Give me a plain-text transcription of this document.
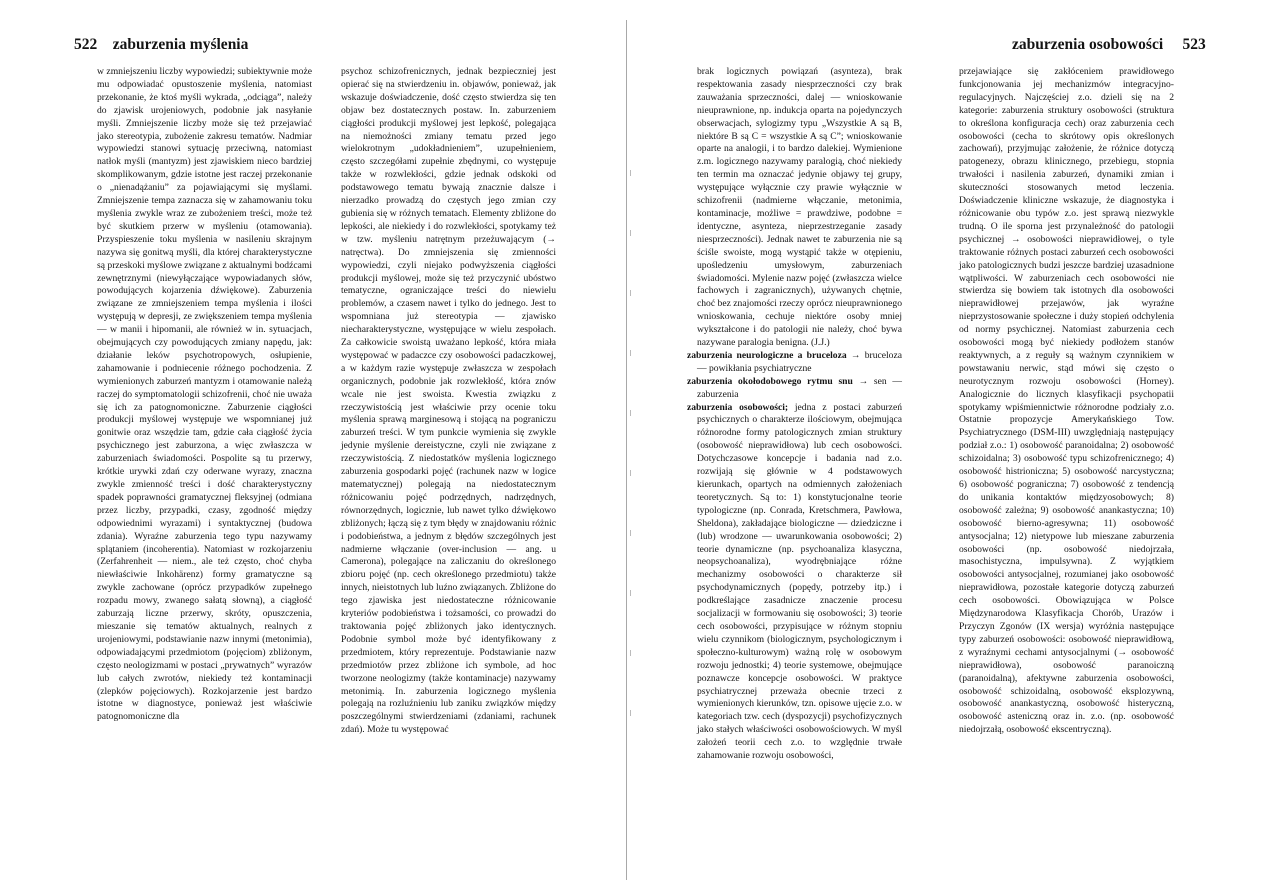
522 zaburzenia myślenia

w zmniejszeniu liczby wypowiedzi; subiektywnie może mu odpowiadać opustoszenie myślenia, natomiast przekonanie, że ktoś myśli wykrada, „odciąga”, należy do zjawisk urojeniowych, podobnie jak nasyłanie myśli. Zmniejszenie liczby może się też przejawiać jako stereotypia, zubożenie zakresu tematów. Nadmiar wypowiedzi stanowi sytuację przeciwną, natomiast natłok myśli (mantyzm) jest zjawiskiem nieco bardziej skomplikowanym, gdzie istotne jest raczej przekonanie o „nienadążaniu” za pojawiającymi się myślami. Zmniejszenie tempa zaznacza się w zahamowaniu toku myślenia zwykle wraz ze zubożeniem treści, może też być skutkiem przerw w myśleniu (otamowania). Przyspieszenie toku myślenia w nasileniu skrajnym nazywa się gonitwą myśli, dla której charakterystyczne są przeskoki myślowe związane z aktualnymi bodźcami zewnętrznymi (niewyłączające wypowiadanych słów, powodujących kojarzenia dźwiękowe). Zaburzenia związane ze zmniejszeniem tempa myślenia i ilości występują w depresji, ze zwiększeniem tempa myślenia — w manii i hipomanii, ale również w in. sytuacjach, obejmujących czy powodujących zmiany napędu, jak: działanie leków psychotropowych, osłupienie, zahamowanie i podniecenie różnego pochodzenia. Z wymienionych zaburzeń mantyzm i otamowanie należą raczej do symptomatologii schizofrenii, choć nie uważa się ich za patognomoniczne. Zaburzenie ciągłości produkcji myślowej występuje we wspomnianej już gonitwie oraz wszędzie tam, gdzie cała ciągłość życia psychicznego jest zaburzona, a więc zwłaszcza w zaburzeniach świadomości. Pospolite są tu przerwy, krótkie urywki zdań czy oderwane wyrazy, znaczna zwykle zmienność treści i dość charakterystyczny spadek poprawności gramatycznej fleksyjnej (odmiana przez liczby, przypadki, czasy, zgodność między odpowiednimi wyrazami) i syntaktycznej (budowa zdania). Wyraźne zaburzenia tego typu nazywamy splątaniem (incoherentia). Natomiast w rozkojarzeniu (Zerfahrenheit — niem., ale też często, choć chyba niewłaściwie Inkohärenz) formy gramatyczne są zwykle zachowane (oprócz przypadków zupełnego rozpadu mowy, zwanego sałatą słowną), a ciągłość zaburzają liczne przerwy, skróty, opuszczenia, mieszanie się tematów aktualnych, realnych z urojeniowymi, podstawianie nazw innymi (metonimia), odpowiadającymi przedmiotom (pojęciom) zbliżonym, często neologizmami w postaci „prywatnych” wyrazów lub całych zwrotów, niekiedy też kontaminacji (zlepków pojęciowych). Rozkojarzenie jest bardzo istotne w diagnostyce, ponieważ jest właściwie patognomoniczne dla

psychoz schizofrenicznych, jednak bezpieczniej jest opierać się na stwierdzeniu in. objawów, ponieważ, jak wskazuje doświadczenie, dość często stwierdza się ten objaw bez dostatecznych postaw. In. zaburzeniem ciągłości produkcji myślowej jest lepkość, polegająca na niemożności zmiany tematu przed jego wielokrotnym „udokładnieniem”, uzupełnieniem, często szczegółami zupełnie zbędnymi, co występuje także w rozwlekłości, gdzie jednak odskoki od podstawowego tematu bywają znacznie dalsze i nierzadko prowadzą do częstych jego zmian czy gubienia się w różnych tematach. Elementy zbliżone do lepkości, ale niekiedy i do rozwlekłości, spotykamy też w tzw. myśleniu natrętnym przeżuwającym (→ natręctwa). Do zmniejszenia się zmienności wypowiedzi, czyli niejako podwyższenia ciągłości produkcji myślowej, może się też przyczynić ubóstwo tematyczne, ograniczające treści do niewielu problemów, a czasem nawet i tylko do jednego. Jest to wspomniana już stereotypia — zjawisko niecharakterystyczne, występujące w wielu zespołach. Za całkowicie swoistą uważano lepkość, która miała występować w padaczce czy osobowości padaczkowej, a w każdym razie występuje zwłaszcza w zespołach organicznych, podobnie jak rozwlekłość, która znów wcale nie jest swoista. Kwestia związku z rzeczywistością jest właściwie przy ocenie toku myślenia sprawą marginesową i stojącą na pograniczu zaburzeń treści. W tym punkcie wymienia się zwykle jedynie myślenie dereistyczne, czyli nie związane z rzeczywistością. Z niedostatków myślenia logicznego zaburzenia gospodarki pojęć (rachunek nazw w logice matematycznej) polegają na niedostatecznym różnicowaniu pojęć podrzędnych, nadrzędnych, równorzędnych, logicznie, lub nawet tylko dźwiękowo zbliżonych; łączą się z tym błędy w znajdowaniu różnic i podobieństwa, a jednym z błędów szczególnych jest nadmierne włączanie (over-inclusion — ang. u Camerona), polegające na zaliczaniu do określonego zbioru pojęć (np. cech określonego przedmiotu) także innych, nieistotnych lub luźno związanych. Zbliżone do tego zjawiska jest niedostateczne różnicowanie kryteriów podobieństwa i tożsamości, co prowadzi do traktowania pojęć zbliżonych jako identycznych. Podobnie symbol może być identyfikowany z przedmiotem, który reprezentuje. Podstawianie nazw przedmiotów przez zbliżone ich symbole, ad hoc tworzone neologizmy (także kontaminacje) nazywamy metonimią. In. zaburzenia logicznego myślenia polegają na rozluźnieniu lub zaniku związków między poszczególnymi stwierdzeniami (zdaniami, rachunek zdań). Może tu występować

zaburzenia osobowości 523

brak logicznych powiązań (asynteza), brak respektowania zasady niesprzeczności czy brak zauważania sprzeczności, dalej — wnioskowanie nieuprawnione, np. indukcja oparta na pojedynczych obserwacjach, sylogizmy typu „Wszystkie A są B, niektóre B są C = wszystkie A są C”; wnioskowanie oparte na analogii, i to bardzo dalekiej. Wymienione z.m. logicznego nazywamy paralogią, choć niekiedy ten termin ma oznaczać jedynie objawy tej grupy, występujące wyłącznie czy prawie wyłącznie w schizofrenii (nadmierne włączanie, metonimia, kontaminacje, możliwe = prawdziwe, podobne = identyczne, asynteza, nieprzestrzeganie zasady niesprzeczności). Jednak nawet te zaburzenia nie są ściśle swoiste, mogą wystąpić także w otępieniu, upośledzeniu umysłowym, zaburzeniach świadomości. Mylenie nazw pojęć (zwłaszcza wielce fachowych i zagranicznych), używanych chętnie, choć bez znajomości rzeczy oprócz nieuprawnionego wnioskowania, cechuje niektóre osoby mniej wykształcone i do patologii nie należy, choć bywa nazywane paralogia benigna. (J.J.)

zaburzenia neurologiczne a bruceloza → bruceloza — powikłania psychiatryczne

zaburzenia okołodobowego rytmu snu → sen — zaburzenia

zaburzenia osobowości; jedna z postaci zaburzeń psychicznych o charakterze ilościowym, obejmująca różnorodne formy patologicznych zmian struktury (osobowość nieprawidłowa) lub cech osobowości. Dotychczasowe koncepcje i badania nad z.o. rozwijają się głównie w 4 podstawowych kierunkach, opartych na odmiennych założeniach teoretycznych. Są to: 1) konstytucjonalne teorie typologiczne (np. Conrada, Kretschmera, Pawłowa, Sheldona), zakładające biologiczne — dziedziczne i (lub) wrodzone — uwarunkowania osobowości; 2) teorie dynamiczne (np. psychoanaliza klasyczna, neopsychoanaliza), wyodrębniające różne mechanizmy osobowości o charakterze sił psychodynamicznych (popędy, potrzeby itp.) i podkreślające zasadnicze znaczenie procesu socjalizacji w formowaniu się osobowości; 3) teorie cech osobowości, przypisujące w różnym stopniu wielu czynnikom (biologicznym, psychologicznym i społeczno-kulturowym) ważną rolę w osobowym rozwoju jednostki; 4) teorie systemowe, obejmujące poznawcze koncepcje osobowości. W praktyce psychiatrycznej przeważa obecnie trzeci z wymienionych kierunków, tzn. opisowe ujęcie z.o. w kategoriach tzw. cech (dyspozycji) psychofizycznych jako stałych właściwości osobowościowych. W myśl założeń teorii cech z.o. to względnie trwałe zahamowanie rozwoju osobowości,

przejawiające się zakłóceniem prawidłowego funkcjonowania jej mechanizmów integracyjno-regulacyjnych. Najczęściej z.o. dzieli się na 2 kategorie: zaburzenia struktury osobowości (struktura to określona konfiguracja cech) oraz zaburzenia cech osobowości (cecha to skrótowy opis określonych zachowań), przyjmując założenie, że różnice dotyczą patogenezy, obrazu klinicznego, przebiegu, stopnia trwałości i nasilenia zaburzeń, dynamiki zmian i skuteczności stosowanych metod leczenia. Doświadczenie kliniczne wskazuje, że diagnostyka i różnicowanie obu typów z.o. jest sprawą niezwykle trudną. O ile sporna jest przynależność do patologii psychicznej → osobowości nieprawidłowej, o tyle traktowanie różnych postaci zaburzeń cech osobowości jako patologicznych budzi jeszcze bardziej uzasadnione wątpliwości. W zaburzeniach cech osobowości nie stwierdza się bowiem tak istotnych dla osobowości nieprawidłowej przejawów, jak wyraźne nieprzystosowanie społeczne i duży stopień odchylenia od normy psychicznej. Natomiast zaburzenia cech osobowości mogą być niekiedy podłożem stanów reaktywnych, a z reguły są ważnym czynnikiem w powstawaniu nerwic, stąd mówi się często o neurotycznym rozwoju osobowości (Horney). Analogicznie do licznych klasyfikacji psychopatii spotykamy wpiśmiennictwie różnorodne podziały z.o. Ostatnie propozycje Amerykańskiego Tow. Psychiatrycznego (DSM-III) uwzględniają następujący podział z.o.: 1) osobowość paranoidalna; 2) osobowość schizoidalna; 3) osobowość typu schizofrenicznego; 4) osobowość histrioniczna; 5) osobowość narcystyczna; 6) osobowość pograniczna; 7) osobowość z tendencją do unikania kontaktów międzyosobowych; 8) osobowość zależna; 9) osobowość anankastyczna; 10) osobowość bierno-agresywna; 11) osobowość antysocjalna; 12) nietypowe lub mieszane zaburzenia osobowości (np. osobowość niedojrzała, masochistyczna, impulsywna). Z wyjątkiem osobowości antysocjalnej, rozumianej jako osobowość nieprawidłowa, pozostałe kategorie dotyczą zaburzeń cech osobowości. Obowiązująca w Polsce Międzynarodowa Klasyfikacja Chorób, Urazów i Przyczyn Zgonów (IX wersja) wyróżnia następujące typy zaburzeń osobowości: osobowość nieprawidłową, z wyraźnymi cechami antysocjalnymi (→ osobowość nieprawidłowa), osobowość paranoiczną (paranoidalną), afektywne zaburzenia osobowości, osobowość schizoidalną, osobowość eksplozywną, osobowość anankastyczną, osobowość histeryczną, osobowość asteniczną oraz in. z.o. (np. osobowość niedojrzałą, osobowość ekscentryczną).
